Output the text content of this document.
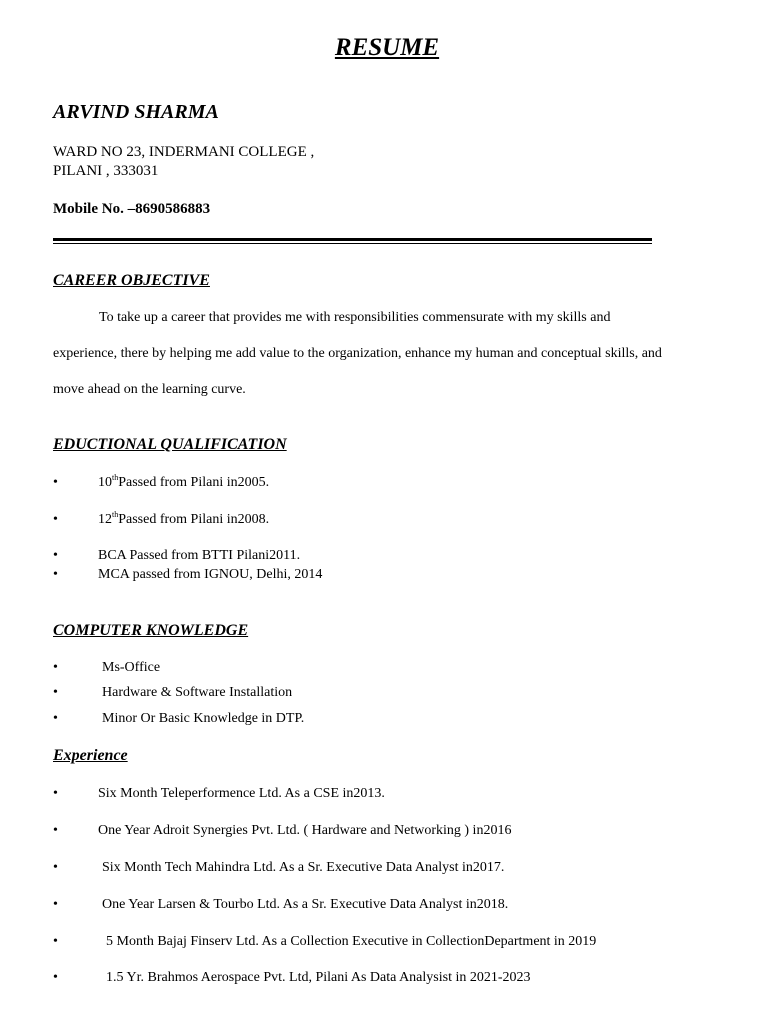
RESUME
ARVIND SHARMA
WARD NO 23, INDERMANI COLLEGE ,
PILANI , 333031
Mobile No. –8690586883
CAREER OBJECTIVE
To take up a career that provides me with responsibilities commensurate with my skills and
experience, there by helping me add value to the organization, enhance my human and conceptual skills, and
move ahead on the learning curve.
EDUCTIONAL QUALIFICATION
•	10thPassed from Pilani in2005.
•	12thPassed from Pilani in2008.
•	BCA Passed from BTTI Pilani2011.
•	MCA passed from IGNOU, Delhi, 2014
COMPUTER KNOWLEDGE
•	Ms-Office
•	Hardware & Software Installation
•	Minor Or Basic Knowledge in DTP.
Experience
•	Six Month Teleperformence Ltd. As a CSE in2013.
•	One Year Adroit Synergies Pvt. Ltd. ( Hardware and Networking ) in2016
•	Six Month Tech Mahindra Ltd. As a Sr. Executive Data Analyst in2017.
•	One Year Larsen & Tourbo Ltd. As a Sr. Executive Data Analyst in2018.
•	5 Month Bajaj Finserv Ltd. As a Collection Executive in CollectionDepartment in 2019
•	1.5 Yr. Brahmos Aerospace Pvt. Ltd, Pilani As Data Analysist in 2021-2023
